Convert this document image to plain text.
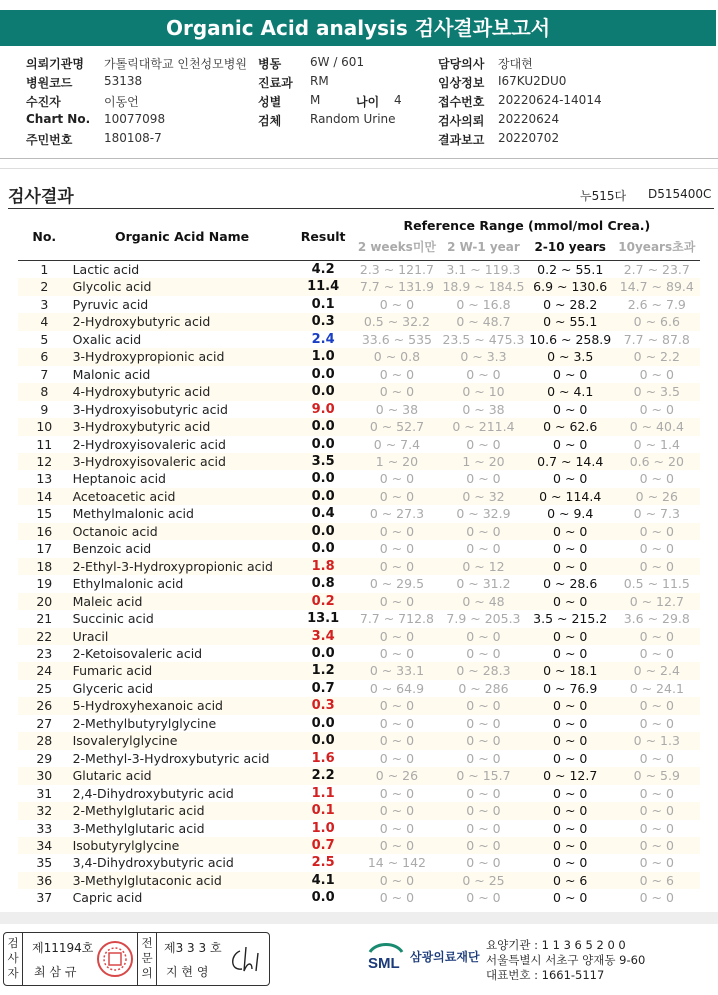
Organic Acid analysis 검사결과보고서
의뢰기관명 가톨릭대학교 인천성모병원 병동 6W / 601	담당의사 장대현
병원코드	53138	진료과 RM	임상정보 I67KU2DU0
수진자	이동언	성별 M	나이 4	접수번호 20220624-14014
Chart No. 10077098	검체 Random Urine	검사의뢰 20220624
주민번호	180108-7	결과보고 20220702
검사결과	누515다 D515400C
No.	Organic Acid Name	Result	Reference Range (mmol/mol Crea.)			
			2 weeks미만	2 W-1 year	2-10 years	10years초과

1	Lactic acid	4.2	2.3 ~ 121.7	3.1 ~ 119.3	0.2 ~ 55.1	2.7 ~ 23.7
2	Glycolic acid	11.4	7.7 ~ 131.9	18.9 ~ 184.5	6.9 ~ 130.6	14.7 ~ 89.4
3	Pyruvic acid	0.1	0 ~ 0	0 ~ 16.8	0 ~ 28.2	2.6 ~ 7.9
4	2-Hydroxybutyric acid	0.3	0.5 ~ 32.2	0 ~ 48.7	0 ~ 55.1	0 ~ 6.6
5	Oxalic acid	2.4	33.6 ~ 535	23.5 ~ 475.3	10.6 ~ 258.9	7.7 ~ 87.8
6	3-Hydroxypropionic acid	1.0	0 ~ 0.8	0 ~ 3.3	0 ~ 3.5	0 ~ 2.2
7	Malonic acid	0.0	0 ~ 0	0 ~ 0	0 ~ 0	0 ~ 0
8	4-Hydroxybutyric acid	0.0	0 ~ 0	0 ~ 10	0 ~ 4.1	0 ~ 3.5
9	3-Hydroxyisobutyric acid	9.0	0 ~ 38	0 ~ 38	0 ~ 0	0 ~ 0
10	3-Hydroxybutyric acid	0.0	0 ~ 52.7	0 ~ 211.4	0 ~ 62.6	0 ~ 40.4
11	2-Hydroxyisovaleric acid	0.0	0 ~ 7.4	0 ~ 0	0 ~ 0	0 ~ 1.4
12	3-Hydroxyisovaleric acid	3.5	1 ~ 20	1 ~ 20	0.7 ~ 14.4	0.6 ~ 20
13	Heptanoic acid	0.0	0 ~ 0	0 ~ 0	0 ~ 0	0 ~ 0
14	Acetoacetic acid	0.0	0 ~ 0	0 ~ 32	0 ~ 114.4	0 ~ 26
15	Methylmalonic acid	0.4	0 ~ 27.3	0 ~ 32.9	0 ~ 9.4	0 ~ 7.3
16	Octanoic acid	0.0	0 ~ 0	0 ~ 0	0 ~ 0	0 ~ 0
17	Benzoic acid	0.0	0 ~ 0	0 ~ 0	0 ~ 0	0 ~ 0
18	2-Ethyl-3-Hydroxypropionic acid	1.8	0 ~ 0	0 ~ 12	0 ~ 0	0 ~ 0
19	Ethylmalonic acid	0.8	0 ~ 29.5	0 ~ 31.2	0 ~ 28.6	0.5 ~ 11.5
20	Maleic acid	0.2	0 ~ 0	0 ~ 48	0 ~ 0	0 ~ 12.7
21	Succinic acid	13.1	7.7 ~ 712.8	7.9 ~ 205.3	3.5 ~ 215.2	3.6 ~ 29.8
22	Uracil	3.4	0 ~ 0	0 ~ 0	0 ~ 0	0 ~ 0
23	2-Ketoisovaleric acid	0.0	0 ~ 0	0 ~ 0	0 ~ 0	0 ~ 0
24	Fumaric acid	1.2	0 ~ 33.1	0 ~ 28.3	0 ~ 18.1	0 ~ 2.4
25	Glyceric acid	0.7	0 ~ 64.9	0 ~ 286	0 ~ 76.9	0 ~ 24.1
26	5-Hydroxyhexanoic acid	0.3	0 ~ 0	0 ~ 0	0 ~ 0	0 ~ 0
27	2-Methylbutyrylglycine	0.0	0 ~ 0	0 ~ 0	0 ~ 0	0 ~ 0
28	Isovalerylglycine	0.0	0 ~ 0	0 ~ 0	0 ~ 0	0 ~ 1.3
29	2-Methyl-3-Hydroxybutyric acid	1.6	0 ~ 0	0 ~ 0	0 ~ 0	0 ~ 0
30	Glutaric acid	2.2	0 ~ 26	0 ~ 15.7	0 ~ 12.7	0 ~ 5.9
31	2,4-Dihydroxybutyric acid	1.1	0 ~ 0	0 ~ 0	0 ~ 0	0 ~ 0
32	2-Methylglutaric acid	0.1	0 ~ 0	0 ~ 0	0 ~ 0	0 ~ 0
33	3-Methylglutaric acid	1.0	0 ~ 0	0 ~ 0	0 ~ 0	0 ~ 0
34	Isobutyrylglycine	0.7	0 ~ 0	0 ~ 0	0 ~ 0	0 ~ 0
35	3,4-Dihydroxybutyric acid	2.5	14 ~ 142	0 ~ 0	0 ~ 0	0 ~ 0
36	3-Methylglutaconic acid	4.1	0 ~ 0	0 ~ 25	0 ~ 6	0 ~ 6
37	Capric acid	0.0	0 ~ 0	0 ~ 0	0 ~ 0	0 ~ 0
검
사
자
제11194호
최 삼 규
전
문
의
제3 3 3 호
지 현 영	SML 삼광의료재단
요양기관 : 1 1 3 6 5 2 0 0
서울특별시 서초구 양재동 9-60
대표번호 : 1661-5117
